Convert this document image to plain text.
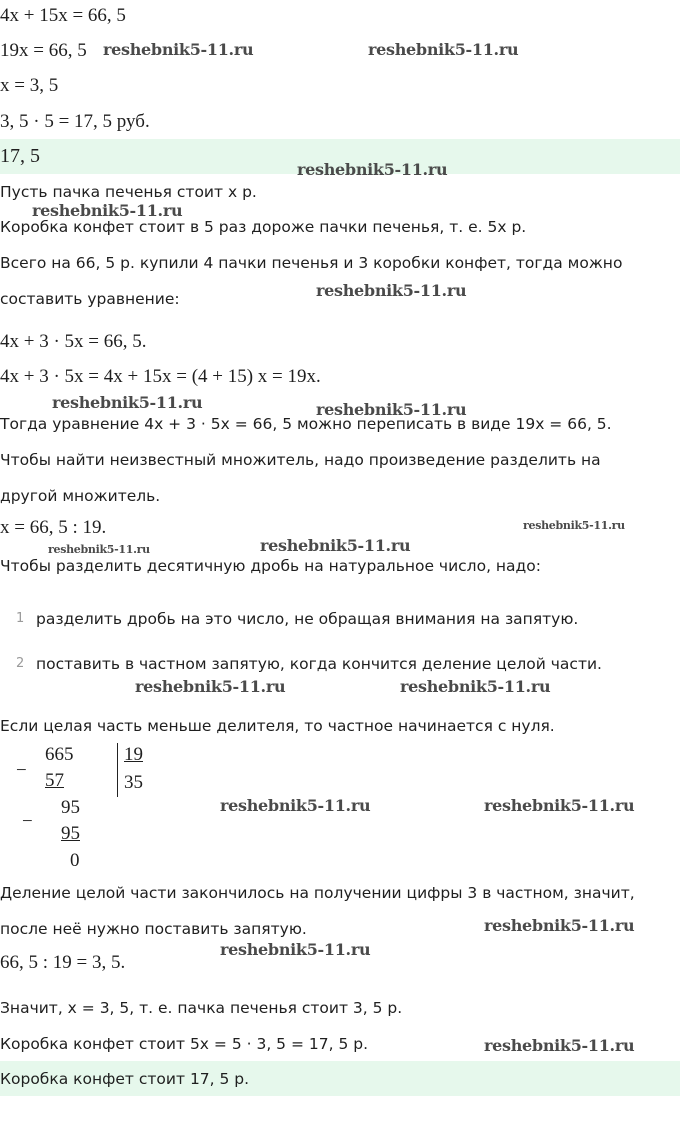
4x + 15x = 66, 5
19x = 66, 5
x = 3, 5
3, 5 · 5 = 17, 5 руб.
17, 5
Пусть пачка печенья стоит x р.
Коробка конфет стоит в 5 раз дороже пачки печенья, т. е. 5x р.
Всего на 66, 5 р. купили 4 пачки печенья и 3 коробки конфет, тогда можно
составить уравнение:
4x + 3 · 5x = 66, 5.
4x + 3 · 5x = 4x + 15x = (4 + 15) x = 19x.
Тогда уравнение 4x + 3 · 5x = 66, 5 можно переписать в виде 19x = 66, 5.
Чтобы найти неизвестный множитель, надо произведение разделить на
другой множитель.
x = 66, 5 : 19.
Чтобы разделить десятичную дробь на натуральное число, надо:
1 разделить дробь на это число, не обращая внимания на запятую.
2 поставить в частном запятую, когда кончится деление целой части.
Если целая часть меньше делителя, то частное начинается с нуля.
−
665
57
19
35
−
95
95
0
Деление целой части закончилось на получении цифры 3 в частном, значит,
после неё нужно поставить запятую.
66, 5 : 19 = 3, 5.
Значит, x = 3, 5, т. е. пачка печенья стоит 3, 5 р.
Коробка конфет стоит 5x = 5 · 3, 5 = 17, 5 р.
Коробка конфет стоит 17, 5 р.
reshebnik5-11.ru	reshebnik5-11.ru
reshebnik5-11.ru
reshebnik5-11.ru
reshebnik5-11.ru
reshebnik5-11.ru	reshebnik5-11.ru
reshebnik5-11.ru
reshebnik5-11.ru	reshebnik5-11.ru
reshebnik5-11.ru	reshebnik5-11.ru
reshebnik5-11.ru	reshebnik5-11.ru
reshebnik5-11.ru
reshebnik5-11.ru
reshebnik5-11.ru
